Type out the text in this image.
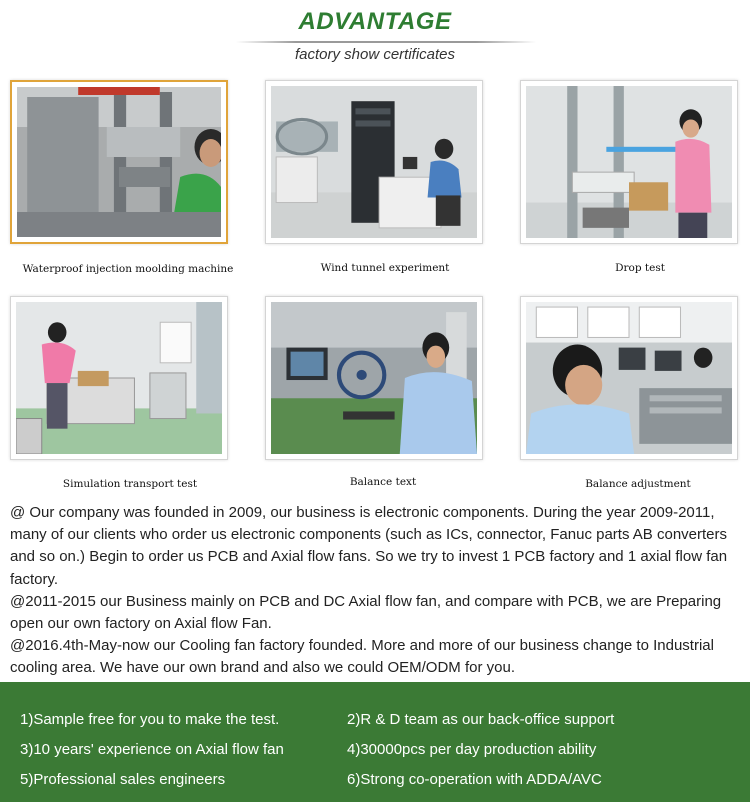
ADVANTAGE
factory show certificates
Waterproof injection moolding machine	Wind tunnel experiment	Drop test
Simulation transport test	Balance text	Balance adjustment

@ Our company was founded in 2009, our business is electronic components. During the year 2009-2011, many of our clients who order us electronic components (such as ICs, connector, Fanuc parts AB converters and so on.) Begin to order us PCB and Axial flow fans. So we try to invest 1 PCB factory and 1 axial flow fan factory.

@2011-2015 our Business mainly on PCB and DC Axial flow fan, and compare with PCB, we are Preparing open our own factory on Axial flow Fan.

@2016.4th-May-now our Cooling fan factory founded. More and more of our business change to Industrial cooling area. We have our own brand and also we could OEM/ODM for you.

1)Sample free for you to make the test.	2)R & D team as our back-office support
3)10 years' experience on Axial flow fan	4)30000pcs per day production ability
5)Professional sales engineers	6)Strong co-operation with ADDA/AVC
